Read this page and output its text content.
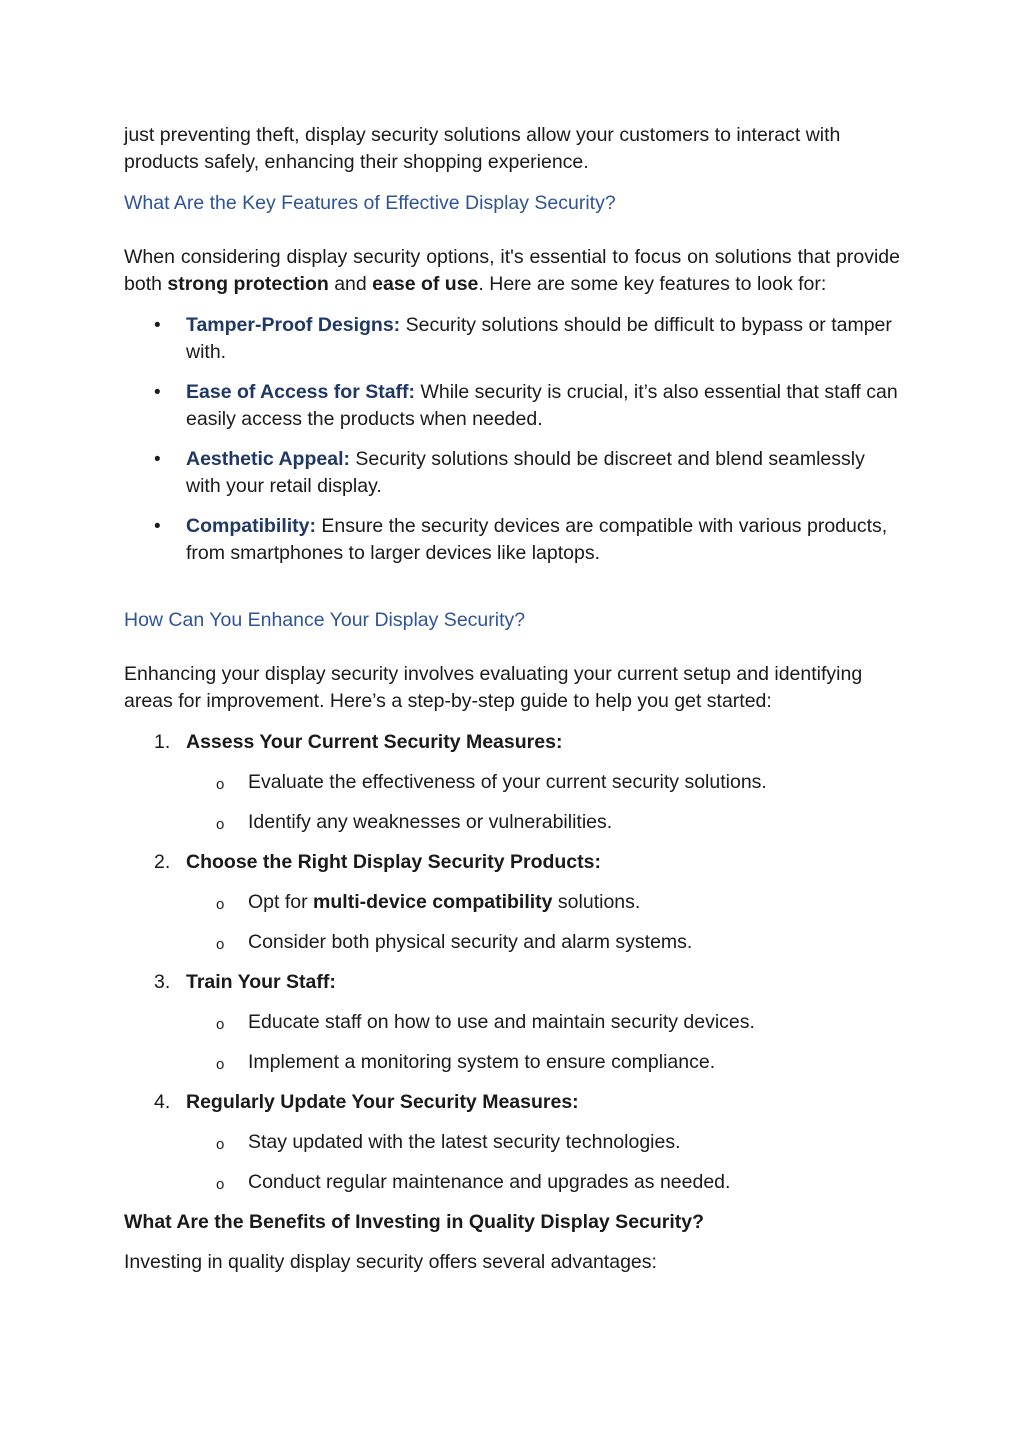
just preventing theft, display security solutions allow your customers to interact with
products safely, enhancing their shopping experience.

What Are the Key Features of Effective Display Security?

When considering display security options, it's essential to focus on solutions that provide both strong protection and ease of use. Here are some key features to look for:

• Tamper-Proof Designs: Security solutions should be difficult to bypass or tamper with.
• Ease of Access for Staff: While security is crucial, it’s also essential that staff can easily access the products when needed.
• Aesthetic Appeal: Security solutions should be discreet and blend seamlessly with your retail display.
• Compatibility: Ensure the security devices are compatible with various products, from smartphones to larger devices like laptops.
How Can You Enhance Your Display Security?

Enhancing your display security involves evaluating your current setup and identifying areas for improvement. Here’s a step-by-step guide to help you get started:

1. Assess Your Current Security Measures:
o Evaluate the effectiveness of your current security solutions.
o Identify any weaknesses or vulnerabilities.
2. Choose the Right Display Security Products:
o Opt for multi-device compatibility solutions.
o Consider both physical security and alarm systems.
3. Train Your Staff:
o Educate staff on how to use and maintain security devices.
o Implement a monitoring system to ensure compliance.
4. Regularly Update Your Security Measures:
o Stay updated with the latest security technologies.
o Conduct regular maintenance and upgrades as needed.
What Are the Benefits of Investing in Quality Display Security?

Investing in quality display security offers several advantages:
